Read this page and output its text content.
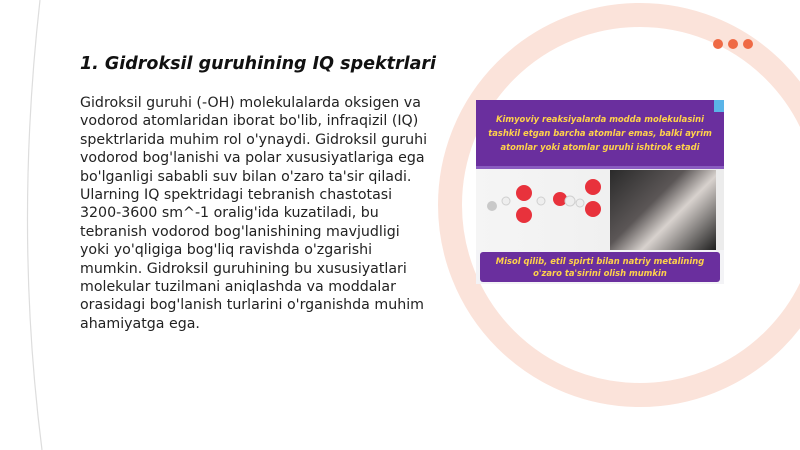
1. Gidroksil guruhining IQ spektrlari

Gidroksil guruhi (-OH) molekulalarda oksigen va vodorod atomlaridan iborat bo'lib, infraqizil (IQ) spektrlarida muhim rol o'ynaydi. Gidroksil guruhi vodorod bog'lanishi va polar xususiyatlariga ega bo'lganligi sababli suv bilan o'zaro ta'sir qiladi. Ularning IQ spektridagi tebranish chastotasi 3200-3600 sm^-1 oralig'ida kuzatiladi, bu tebranish vodorod bog'lanishining mavjudligi yoki yo'qligiga bog'liq ravishda o'zgarishi mumkin. Gidroksil guruhining bu xususiyatlari molekular tuzilmani aniqlashda va moddalar orasidagi bog'lanish turlarini o'rganishda muhim ahamiyatga ega.

Kimyoviy reaksiyalarda modda molekulasini tashkil etgan barcha atomlar emas, balki ayrim atomlar yoki atomlar guruhi ishtirok etadi
Misol qilib, etil spirti bilan natriy metalining o'zaro ta'sirini olish mumkin
